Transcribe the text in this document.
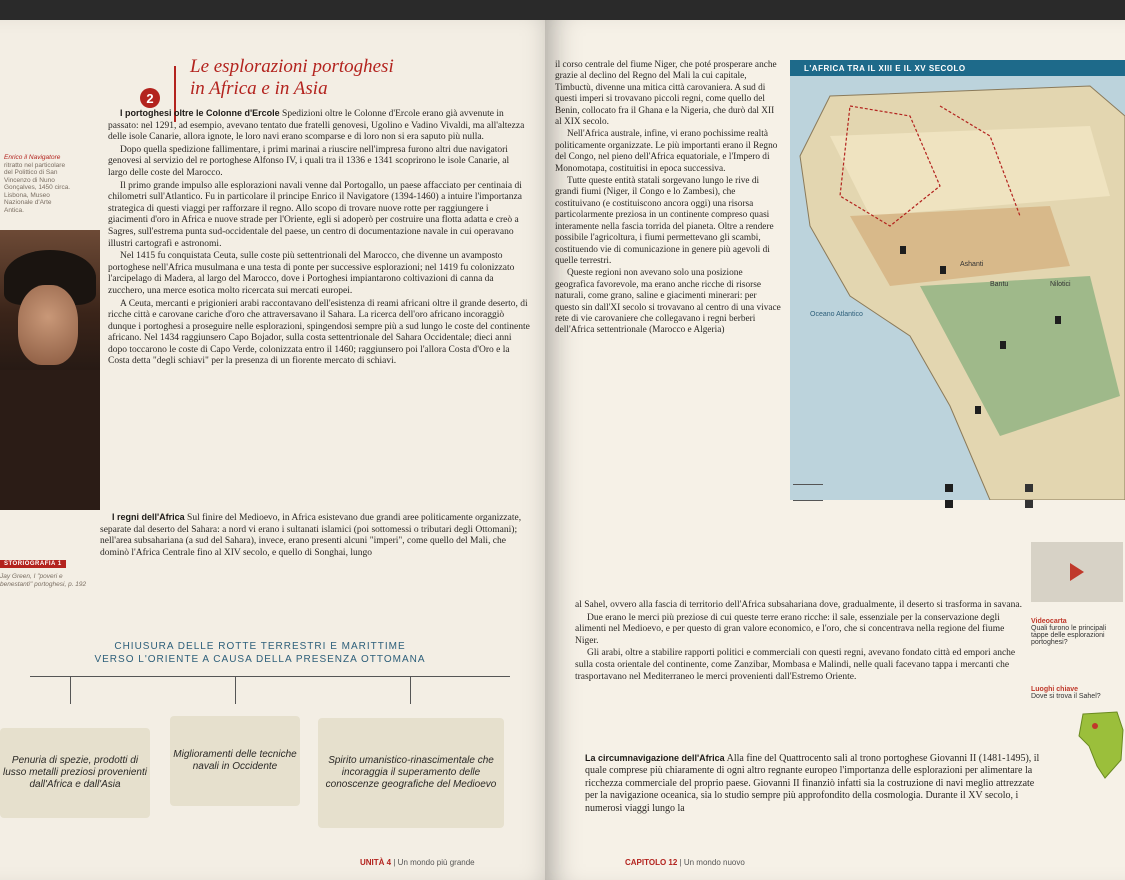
2
Le esplorazioni portoghesi
in Africa e in Asia
Enrico il Navigatore
ritratto nel particolare del Polittico di San Vincenzo di Nuno Gonçalves, 1450 circa. Lisbona, Museo Nazionale d'Arte Antica.

I portoghesi oltre le Colonne d'Ercole Spedizioni oltre le Colonne d'Ercole erano già avvenute in passato: nel 1291, ad esempio, avevano tentato due fratelli genovesi, Ugolino e Vadino Vivaldi, ma all'altezza delle isole Canarie, allora ignote, le loro navi erano scomparse e di loro non si era saputo più nulla.

Dopo quella spedizione fallimentare, i primi marinai a riuscire nell'impresa furono altri due navigatori genovesi al servizio del re portoghese Alfonso IV, i quali tra il 1336 e 1341 scoprirono le isole Canarie, al largo delle coste del Marocco.

Il primo grande impulso alle esplorazioni navali venne dal Portogallo, un paese affacciato per centinaia di chilometri sull'Atlantico. Fu in particolare il principe Enrico il Navigatore (1394-1460) a intuire l'importanza strategica di questi viaggi per rafforzare il regno. Allo scopo di trovare nuove rotte per raggiungere i giacimenti d'oro in Africa e nuove strade per l'Oriente, egli si adoperò per costruire una flotta adatta e creò a Sagres, sull'estrema punta sud-occidentale del paese, un centro di documentazione navale in cui operavano illustri cartografi e astronomi.

Nel 1415 fu conquistata Ceuta, sulle coste più settentrionali del Marocco, che divenne un avamposto portoghese nell'Africa musulmana e una testa di ponte per successive esplorazioni; nel 1419 fu colonizzato l'arcipelago di Madera, al largo del Marocco, dove i Portoghesi impiantarono coltivazioni di canna da zucchero, una merce esotica molto ricercata sui mercati europei.

A Ceuta, mercanti e prigionieri arabi raccontavano dell'esistenza di reami africani oltre il grande deserto, di ricche città e carovane cariche d'oro che attraversavano il Sahara. La ricerca dell'oro africano incoraggiò dunque i portoghesi a proseguire nelle esplorazioni, spingendosi sempre più a sud lungo le coste del continente africano. Nel 1434 raggiunsero Capo Bojador, sulla costa settentrionale del Sahara Occidentale; dieci anni dopo toccarono le coste di Capo Verde, colonizzata entro il 1460; raggiunsero poi l'allora Costa d'Oro e la Costa detta "degli schiavi" per la presenza di un fiorente mercato di schiavi.

I regni dell'Africa Sul finire del Medioevo, in Africa esistevano due grandi aree politicamente organizzate, separate dal deserto del Sahara: a nord vi erano i sultanati islamici (poi sottomessi o tributari degli Ottomani); nell'area subsahariana (a sud del Sahara), invece, erano presenti alcuni "imperi", come quello del Mali, che dominò l'Africa Centrale fino al XIV secolo, e quello di Songhai, lungo

STORIOGRAFIA 1
Jay Green, I "poveri e benestanti" portoghesi, p. 192
CHIUSURA DELLE ROTTE TERRESTRI E MARITTIME
VERSO L'ORIENTE A CAUSA DELLA PRESENZA OTTOMANA
Penuria di spezie, prodotti di lusso metalli preziosi provenienti dall'Africa e dall'Asia
Miglioramenti delle tecniche navali in Occidente
Spirito umanistico-rinascimentale che incoraggia il superamento delle conoscenze geografiche del Medioevo
UNITÀ 4 | Un mondo più grande

il corso centrale del fiume Niger, che poté prosperare anche grazie al declino del Regno del Mali la cui capitale, Timbuctù, divenne una mitica città carovaniera. A sud di questi imperi si trovavano piccoli regni, come quello del Benin, collocato fra il Ghana e la Nigeria, che durò dal XII al XIX secolo.

Nell'Africa australe, infine, vi erano pochissime realtà politicamente organizzate. Le più importanti erano il Regno del Congo, nel pieno dell'Africa equatoriale, e l'Impero di Monomotapa, costituitisi in epoca successiva.

Tutte queste entità statali sorgevano lungo le rive di grandi fiumi (Niger, il Congo e lo Zambesi), che costituivano (e costituiscono ancora oggi) una risorsa particolarmente preziosa in un continente compreso quasi interamente nella fascia torrida del pianeta. Oltre a rendere possibile l'agricoltura, i fiumi permettevano gli scambi, costituendo vie di comunicazione in genere più agevoli di quelle terrestri.

Queste regioni non avevano solo una posizione geografica favorevole, ma erano anche ricche di risorse naturali, come grano, saline e giacimenti minerari: per questo sin dall'XI secolo si trovavano al centro di una vivace rete di vie carovaniere che collegavano i regni berberi dell'Africa settentrionale (Marocco e Algeria)

L'AFRICA TRA IL XIII E IL XV SECOLO
Oceano Atlantico
Bantu
Ashanti
Nilotici

al Sahel, ovvero alla fascia di territorio dell'Africa subsahariana dove, gradualmente, il deserto si trasforma in savana.

Due erano le merci più preziose di cui queste terre erano ricche: il sale, essenziale per la conservazione degli alimenti nel Medioevo, e per questo di gran valore economico, e l'oro, che si concentrava nella regione del fiume Niger.

Gli arabi, oltre a stabilire rapporti politici e commerciali con questi regni, avevano fondato città ed empori anche sulla costa orientale del continente, come Zanzibar, Mombasa e Malindi, nelle quali facevano tappa i mercanti che trasportavano nel Mediterraneo le merci provenienti dall'Estremo Oriente.

La circumnavigazione dell'Africa Alla fine del Quattrocento salì al trono portoghese Giovanni II (1481-1495), il quale comprese più chiaramente di ogni altro regnante europeo l'importanza delle esplorazioni per alimentare la ricchezza commerciale del proprio paese. Giovanni II finanziò infatti sia la costruzione di navi meglio attrezzate per la navigazione oceanica, sia lo studio sempre più approfondito della cosmologia. Durante il XV secolo, i numerosi viaggi lungo la

Videocarta
Quali furono le principali tappe delle esplorazioni portoghesi?
Luoghi chiave
Dove si trova il Sahel?
CAPITOLO 12 | Un mondo nuovo
